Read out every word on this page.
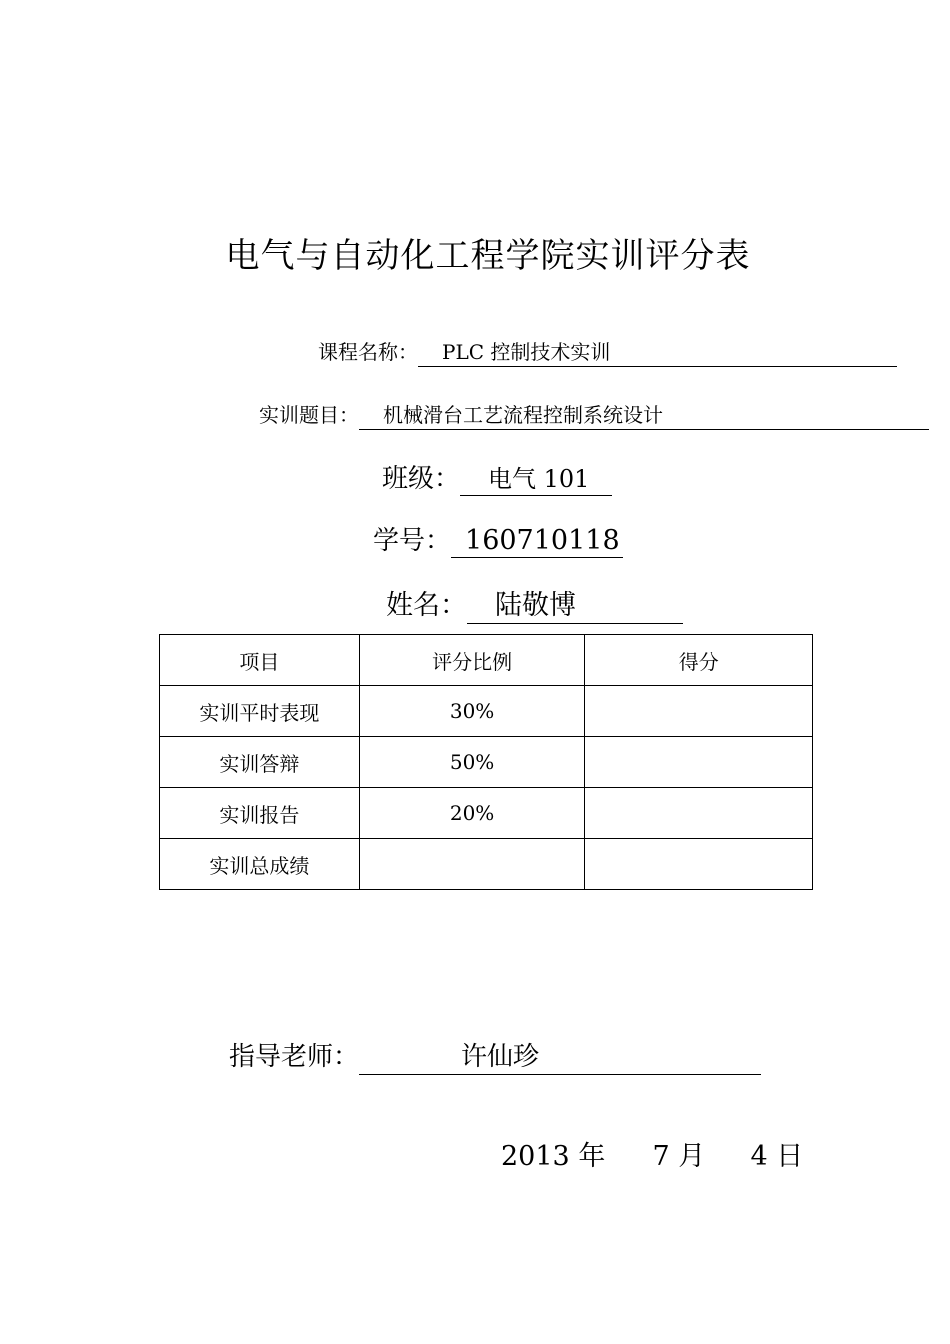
电气与自动化工程学院实训评分表
课程名称：	PLC 控制技术实训
实训题目：	机械滑台工艺流程控制系统设计
班级：	电气 101
学号： 160710118
姓名：	陆敬博
项目	评分比例	得分
实训平时表现	30%	
实训答辩	50%	
实训报告	20%	
实训总成绩		
指导老师：	许仙珍
2013 年 7 月 4 日
